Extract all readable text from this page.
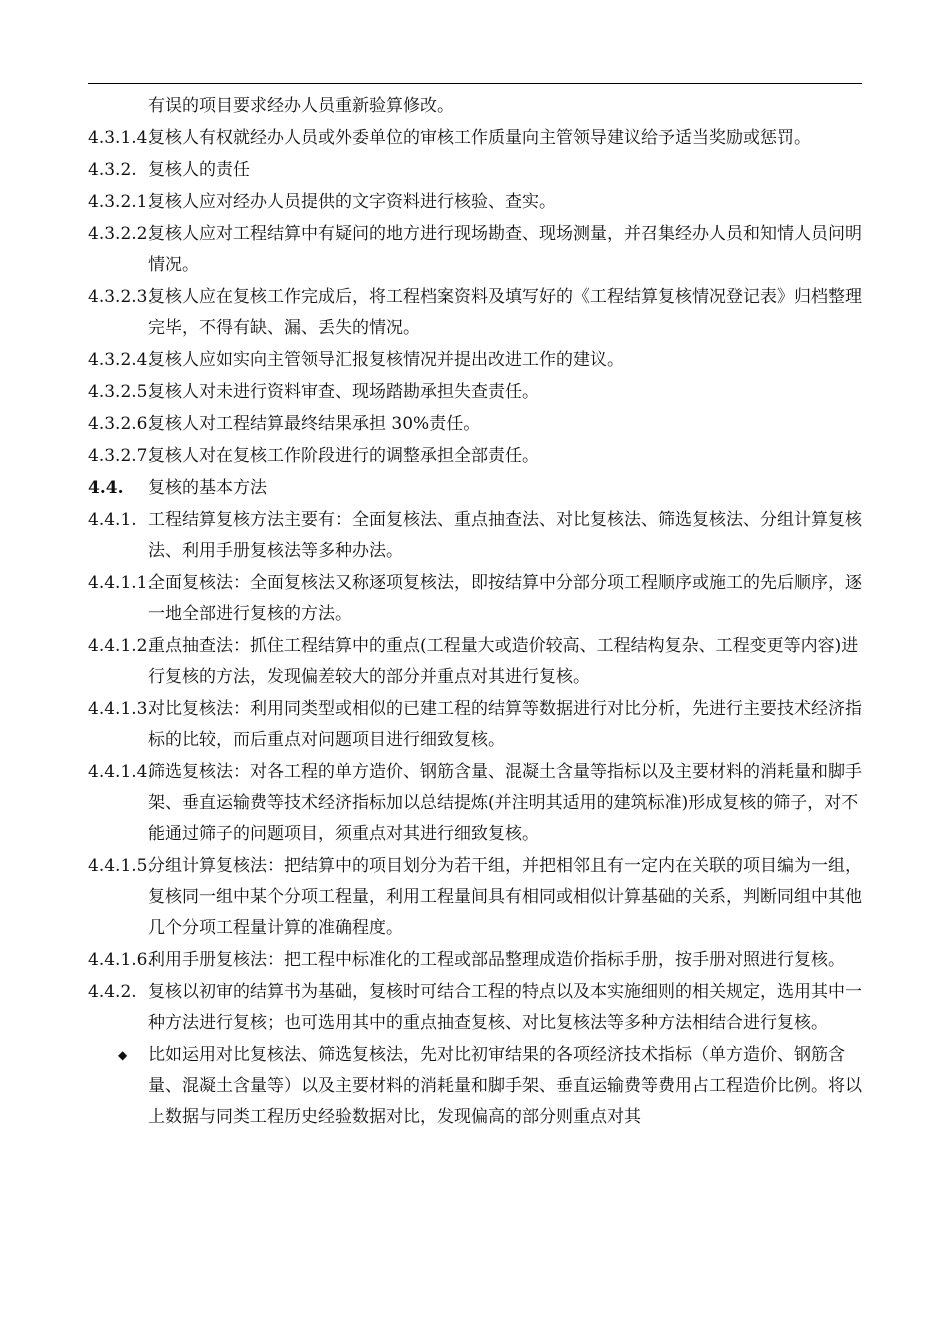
有误的项目要求经办人员重新验算修改。
4.3.1.4.
复核人有权就经办人员或外委单位的审核工作质量向主管领导建议给予适当奖励或惩罚。
4.3.2. 复核人的责任
4.3.2.1.
复核人应对经办人员提供的文字资料进行核验、查实。
4.3.2.2.
复核人应对工程结算中有疑问的地方进行现场勘查、现场测量，并召集经办人员和知情人员问明情况。
4.3.2.3.
复核人应在复核工作完成后，将工程档案资料及填写好的《工程结算复核情况登记表》归档整理完毕，不得有缺、漏、丢失的情况。
4.3.2.4.
复核人应如实向主管领导汇报复核情况并提出改进工作的建议。
4.3.2.5.
复核人对未进行资料审查、现场踏勘承担失查责任。
4.3.2.6.
复核人对工程结算最终结果承担 30%责任。
4.3.2.7.
复核人对在复核工作阶段进行的调整承担全部责任。
4.4.	复核的基本方法
4.4.1. 工程结算复核方法主要有：全面复核法、重点抽查法、对比复核法、筛选复核法、分组计算复核法、利用手册复核法等多种办法。
4.4.1.1.
全面复核法：全面复核法又称逐项复核法，即按结算中分部分项工程顺序或施工的先后顺序，逐一地全部进行复核的方法。
4.4.1.2.
重点抽查法：抓住工程结算中的重点(工程量大或造价较高、工程结构复杂、工程变更等内容)进行复核的方法，发现偏差较大的部分并重点对其进行复核。
4.4.1.3.
对比复核法：利用同类型或相似的已建工程的结算等数据进行对比分析，先进行主要技术经济指标的比较，而后重点对问题项目进行细致复核。
4.4.1.4.
筛选复核法：对各工程的单方造价、钢筋含量、混凝土含量等指标以及主要材料的消耗量和脚手架、垂直运输费等技术经济指标加以总结提炼(并注明其适用的建筑标准)形成复核的筛子，对不能通过筛子的问题项目，须重点对其进行细致复核。
4.4.1.5.
分组计算复核法：把结算中的项目划分为若干组，并把相邻且有一定内在关联的项目编为一组，复核同一组中某个分项工程量，利用工程量间具有相同或相似计算基础的关系，判断同组中其他几个分项工程量计算的准确程度。
4.4.1.6.
利用手册复核法：把工程中标准化的工程或部品整理成造价指标手册，按手册对照进行复核。
4.4.2. 复核以初审的结算书为基础，复核时可结合工程的特点以及本实施细则的相关规定，选用其中一种方法进行复核；也可选用其中的重点抽查复核、对比复核法等多种方法相结合进行复核。
◆ 比如运用对比复核法、筛选复核法，先对比初审结果的各项经济技术指标（单方造价、钢筋含量、混凝土含量等）以及主要材料的消耗量和脚手架、垂直运输费等费用占工程造价比例。将以上数据与同类工程历史经验数据对比，发现偏高的部分则重点对其
